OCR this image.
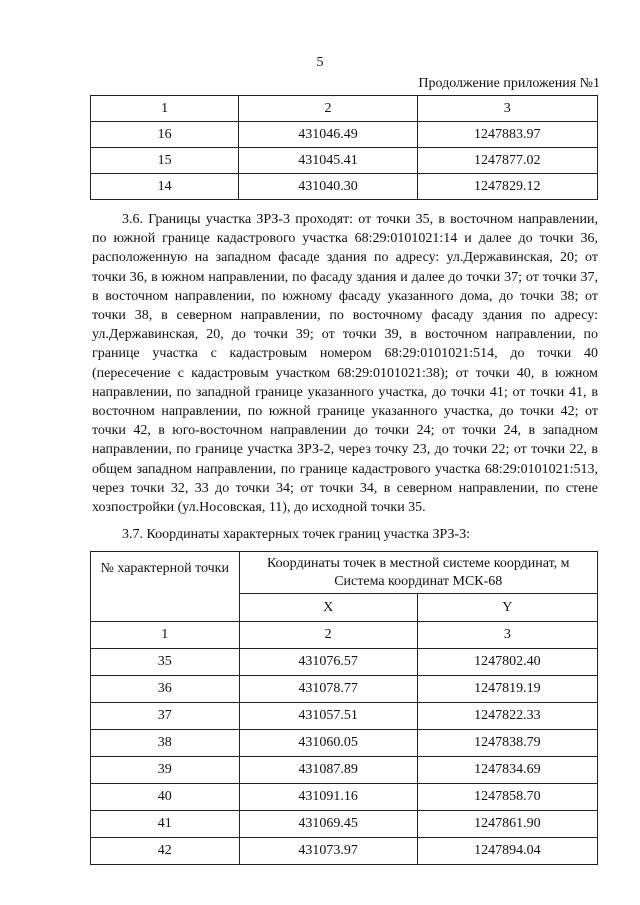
5
Продолжение приложения №1
1	2	3
16	431046.49	1247883.97
15	431045.41	1247877.02
14	431040.30	1247829.12

3.6. Границы участка ЗРЗ-3 проходят: от точки 35, в восточном направлении, по южной границе кадастрового участка 68:29:0101021:14 и далее до точки 36, расположенную на западном фасаде здания по адресу: ул.Державинская, 20; от точки 36, в южном направлении, по фасаду здания и далее до точки 37; от точки 37, в восточном направлении, по южному фасаду указанного дома, до точки 38; от точки 38, в северном направлении, по восточному фасаду здания по адресу: ул.Державинская, 20, до точки 39; от точки 39, в восточном направлении, по границе участка с кадастровым номером 68:29:0101021:514, до точки 40 (пересечение с кадастровым участком 68:29:0101021:38); от точки 40, в южном направлении, по западной границе указанного участка, до точки 41; от точки 41, в восточном направлении, по южной границе указанного участка, до точки 42; от точки 42, в юго-восточном направлении до точки 24; от точки 24, в западном направлении, по границе участка ЗРЗ-2, через точку 23, до точки 22; от точки 22, в общем западном направлении, по границе кадастрового участка 68:29:0101021:513, через точки 32, 33 до точки 34; от точки 34, в северном направлении, по стене хозпостройки (ул.Носовская, 11), до исходной точки 35.

3.7. Координаты характерных точек границ участка ЗРЗ-3:

№ характерной точки	Координаты точек в местной системе координат, м
Система координат МСК-68	
	X	Y
1	2	3
35	431076.57	1247802.40
36	431078.77	1247819.19
37	431057.51	1247822.33
38	431060.05	1247838.79
39	431087.89	1247834.69
40	431091.16	1247858.70
41	431069.45	1247861.90
42	431073.97	1247894.04
